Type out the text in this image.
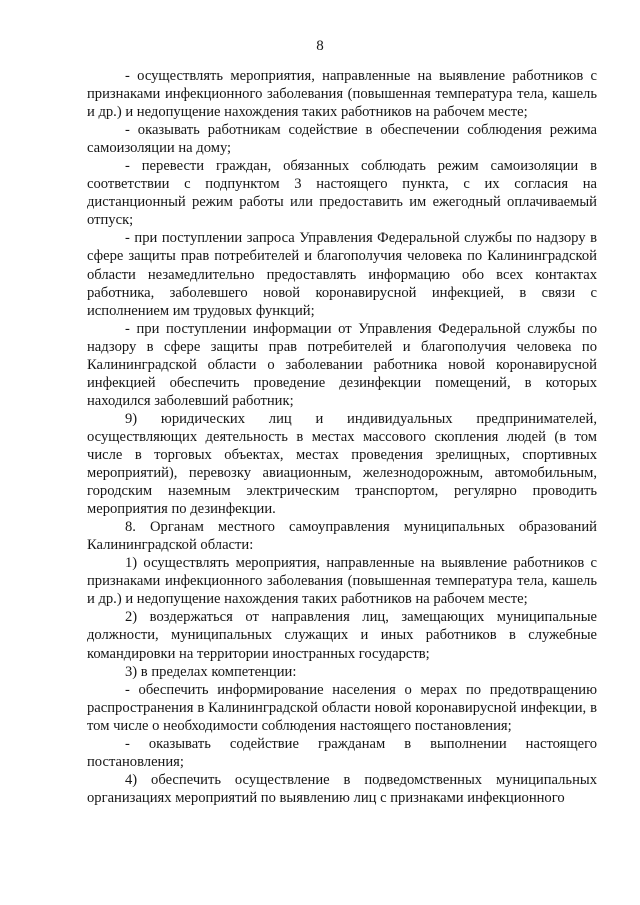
8

- осуществлять мероприятия, направленные на выявление работников с признаками инфекционного заболевания (повышенная температура тела, кашель и др.) и недопущение нахождения таких работников на рабочем месте;

- оказывать работникам содействие в обеспечении соблюдения режима самоизоляции на дому;

- перевести граждан, обязанных соблюдать режим самоизоляции в соответствии с подпунктом 3 настоящего пункта, с их согласия на дистанционный режим работы или предоставить им ежегодный оплачиваемый отпуск;

- при поступлении запроса Управления Федеральной службы по надзору в сфере защиты прав потребителей и благополучия человека по Калининградской области незамедлительно предоставлять информацию обо всех контактах работника, заболевшего новой коронавирусной инфекцией, в связи с исполнением им трудовых функций;

- при поступлении информации от Управления Федеральной службы по надзору в сфере защиты прав потребителей и благополучия человека по Калининградской области о заболевании работника новой коронавирусной инфекцией обеспечить проведение дезинфекции помещений, в которых находился заболевший работник;

9) юридических лиц и индивидуальных предпринимателей, осуществляющих деятельность в местах массового скопления людей (в том числе в торговых объектах, местах проведения зрелищных, спортивных мероприятий), перевозку авиационным, железнодорожным, автомобильным, городским наземным электрическим транспортом, регулярно проводить мероприятия по дезинфекции.

8. Органам местного самоуправления муниципальных образований Калининградской области:

1) осуществлять мероприятия, направленные на выявление работников с признаками инфекционного заболевания (повышенная температура тела, кашель и др.) и недопущение нахождения таких работников на рабочем месте;

2) воздержаться от направления лиц, замещающих муниципальные должности, муниципальных служащих и иных работников в служебные командировки на территории иностранных государств;

3) в пределах компетенции:

- обеспечить информирование населения о мерах по предотвращению распространения в Калининградской области новой коронавирусной инфекции, в том числе о необходимости соблюдения настоящего постановления;

- оказывать содействие гражданам в выполнении настоящего постановления;

4) обеспечить осуществление в подведомственных муниципальных организациях мероприятий по выявлению лиц с признаками инфекционного
